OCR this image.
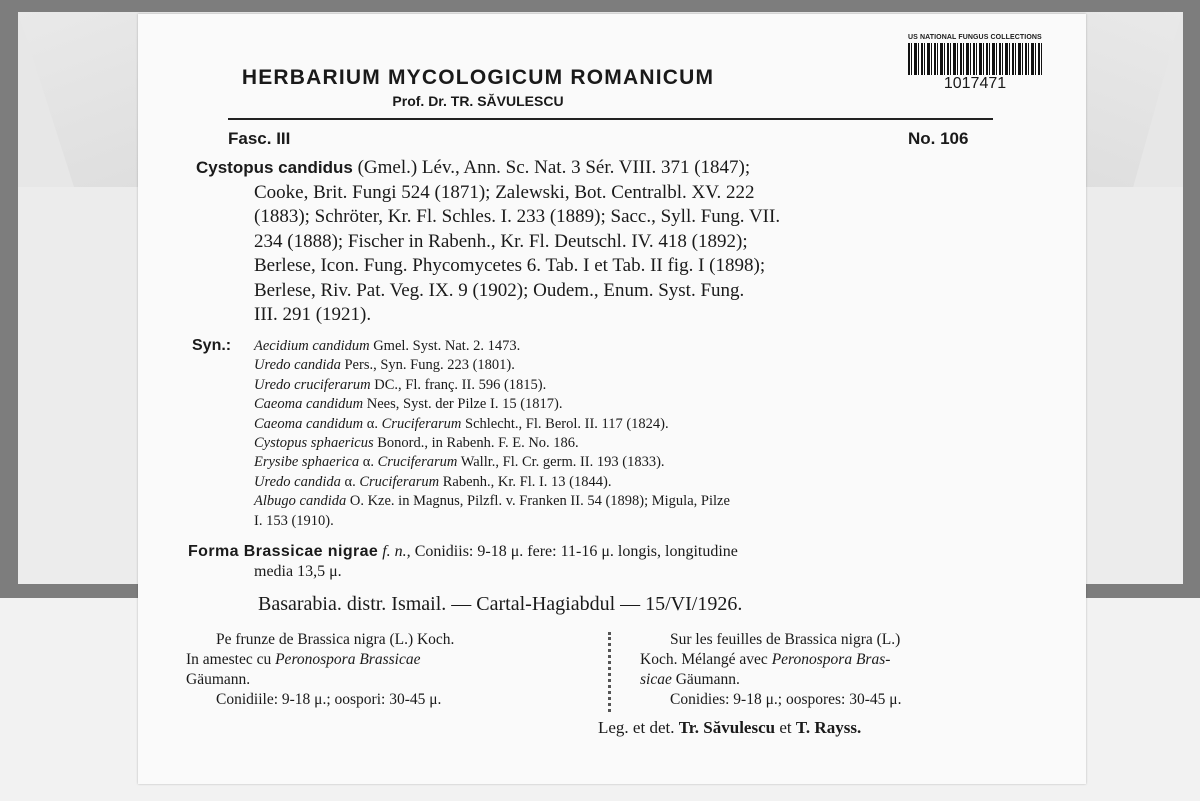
HERBARIUM MYCOLOGICUM ROMANICUM
Prof. Dr. TR. SĂVULESCU
US NATIONAL FUNGUS COLLECTIONS
1017471
Fasc. III	No. 106
Cystopus candidus (Gmel.) Lév., Ann. Sc. Nat. 3 Sér. VIII. 371 (1847);
Cooke, Brit. Fungi 524 (1871); Zalewski, Bot. Centralbl. XV. 222
(1883); Schröter, Kr. Fl. Schles. I. 233 (1889); Sacc., Syll. Fung. VII.
234 (1888); Fischer in Rabenh., Kr. Fl. Deutschl. IV. 418 (1892);
Berlese, Icon. Fung. Phycomycetes 6. Tab. I et Tab. II fig. I (1898);
Berlese, Riv. Pat. Veg. IX. 9 (1902); Oudem., Enum. Syst. Fung.
III. 291 (1921).
Syn.: Aecidium candidum Gmel. Syst. Nat. 2. 1473.
Uredo candida Pers., Syn. Fung. 223 (1801).
Uredo cruciferarum DC., Fl. franç. II. 596 (1815).
Caeoma candidum Nees, Syst. der Pilze I. 15 (1817).
Caeoma candidum α. Cruciferarum Schlecht., Fl. Berol. II. 117 (1824).
Cystopus sphaericus Bonord., in Rabenh. F. E. No. 186.
Erysibe sphaerica α. Cruciferarum Wallr., Fl. Cr. germ. II. 193 (1833).
Uredo candida α. Cruciferarum Rabenh., Kr. Fl. I. 13 (1844).
Albugo candida O. Kze. in Magnus, Pilzfl. v. Franken II. 54 (1898); Migula, Pilze
I. 153 (1910).
Forma Brassicae nigrae f. n., Conidiis: 9-18 μ. fere: 11-16 μ. longis, longitudine
media 13,5 μ.
Basarabia. distr. Ismail. — Cartal-Hagiabdul — 15/VI/1926.
Pe frunze de Brassica nigra (L.) Koch.
In amestec cu Peronospora Brassicae
Gäumann.
Conidiile: 9-18 μ.; oospori: 30-45 μ.
Sur les feuilles de Brassica nigra (L.)
Koch. Mélangé avec Peronospora Bras-
sicae Gäumann.
Conidies: 9-18 μ.; oospores: 30-45 μ.
Leg. et det. Tr. Săvulescu et T. Rayss.
